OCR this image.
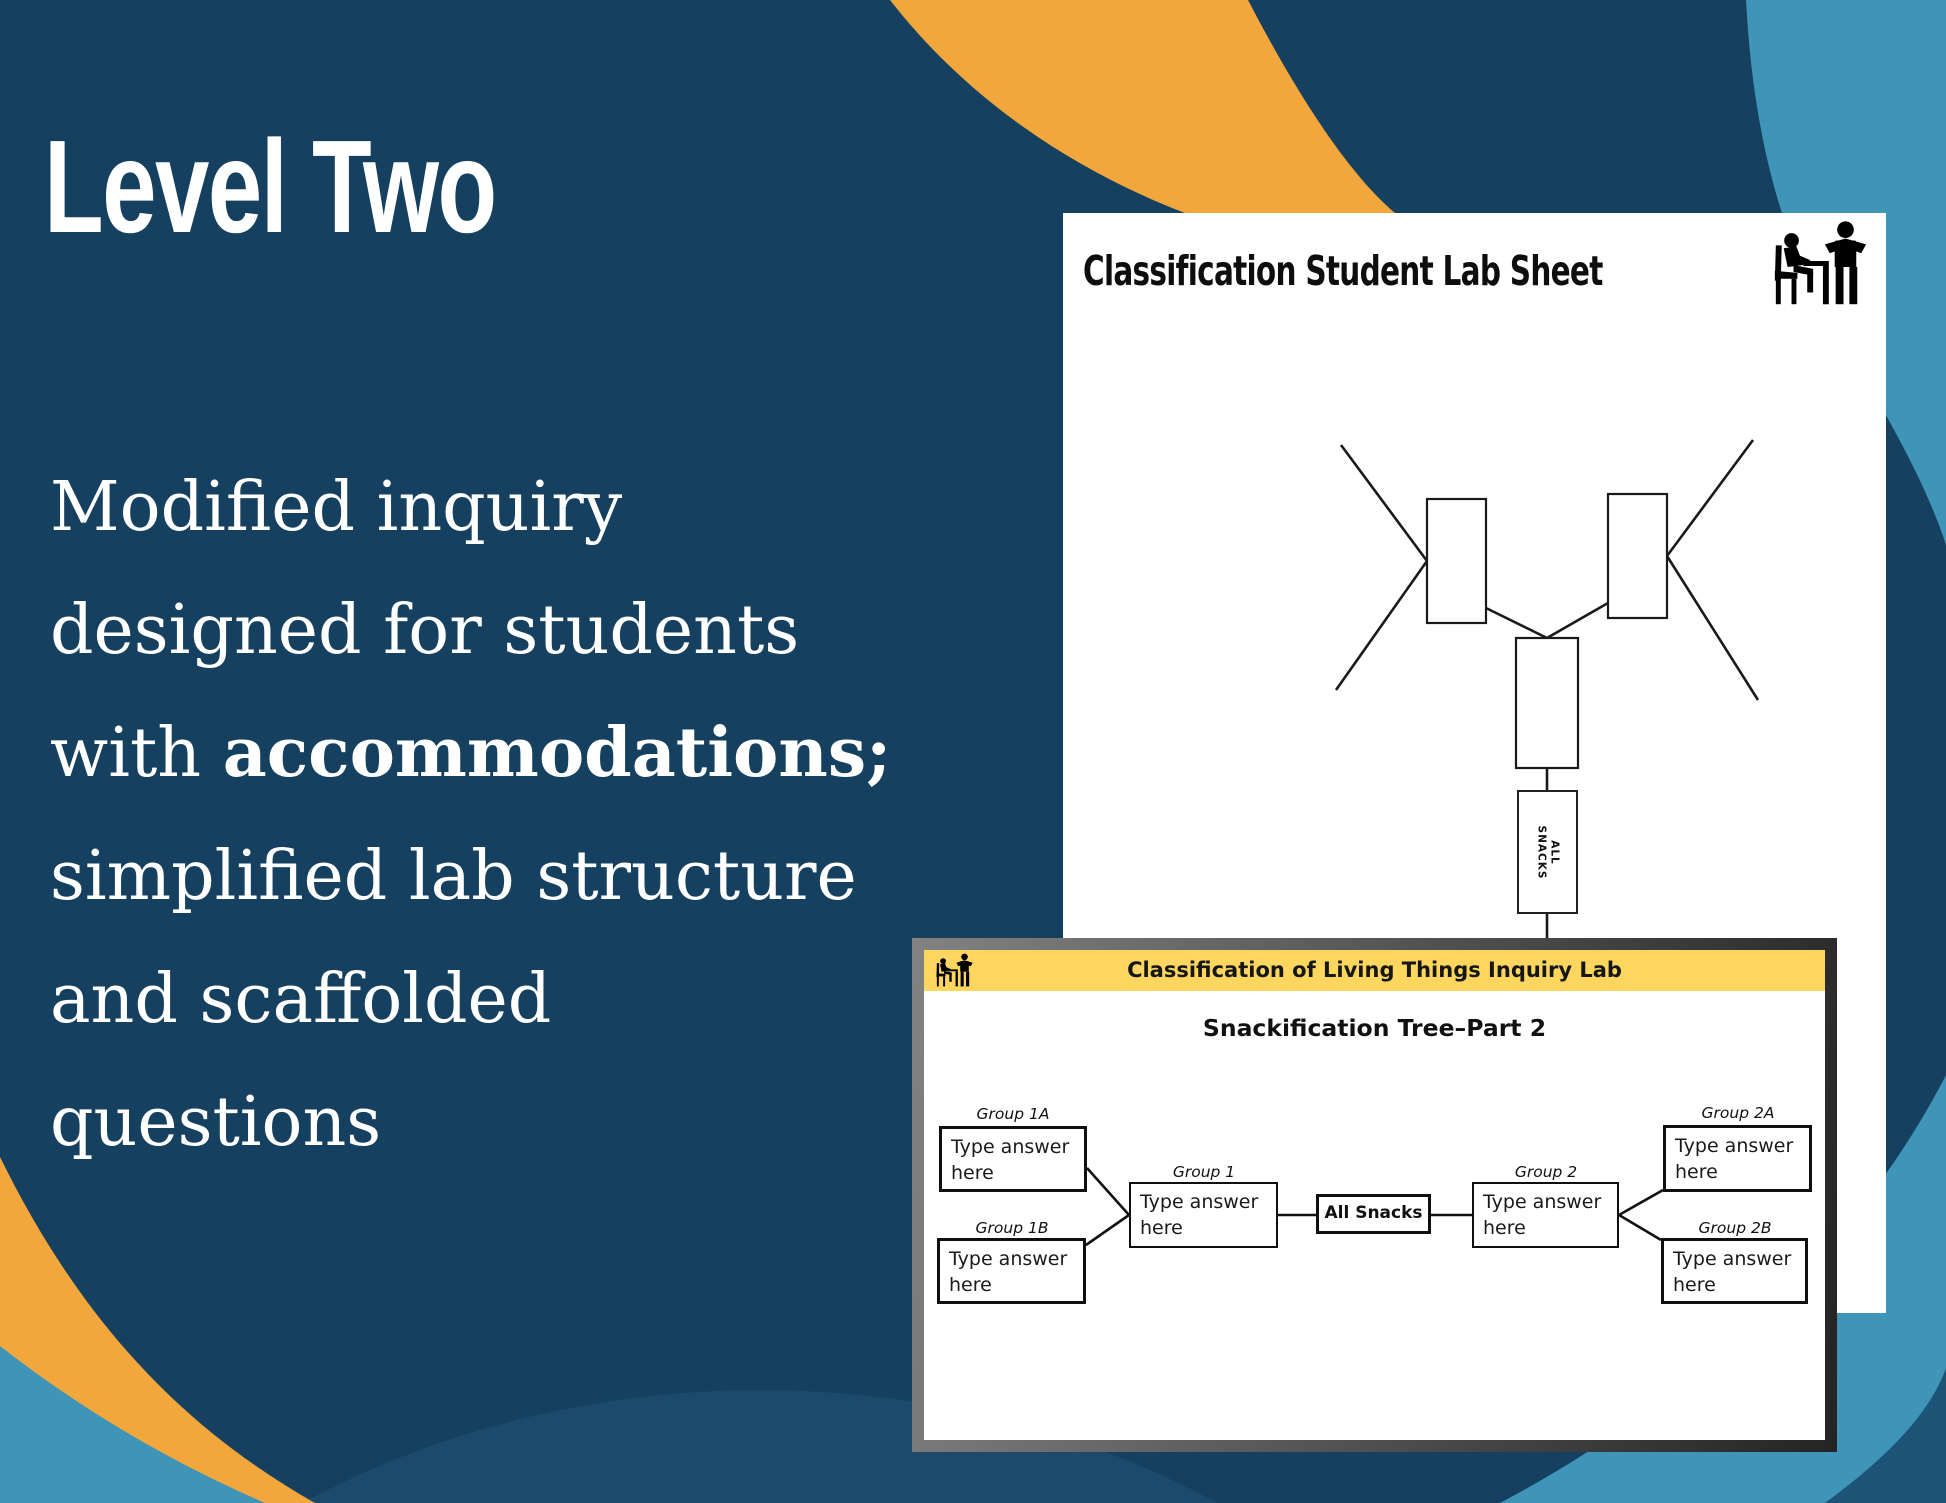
Level Two
Modified inquiry
designed for students
with accommodations;
simplified lab structure
and scaffolded
questions
Classification Student Lab Sheet
ALL
SNACKS
Classification of Living Things Inquiry Lab
Snackification Tree–Part 2
Group 1A
Group 1B
Group 1	Group 2
Group 2A
Group 2B
Type answer here
Type answer here
Type answer here
Type answer here
Type answer here
Type answer here
All Snacks
